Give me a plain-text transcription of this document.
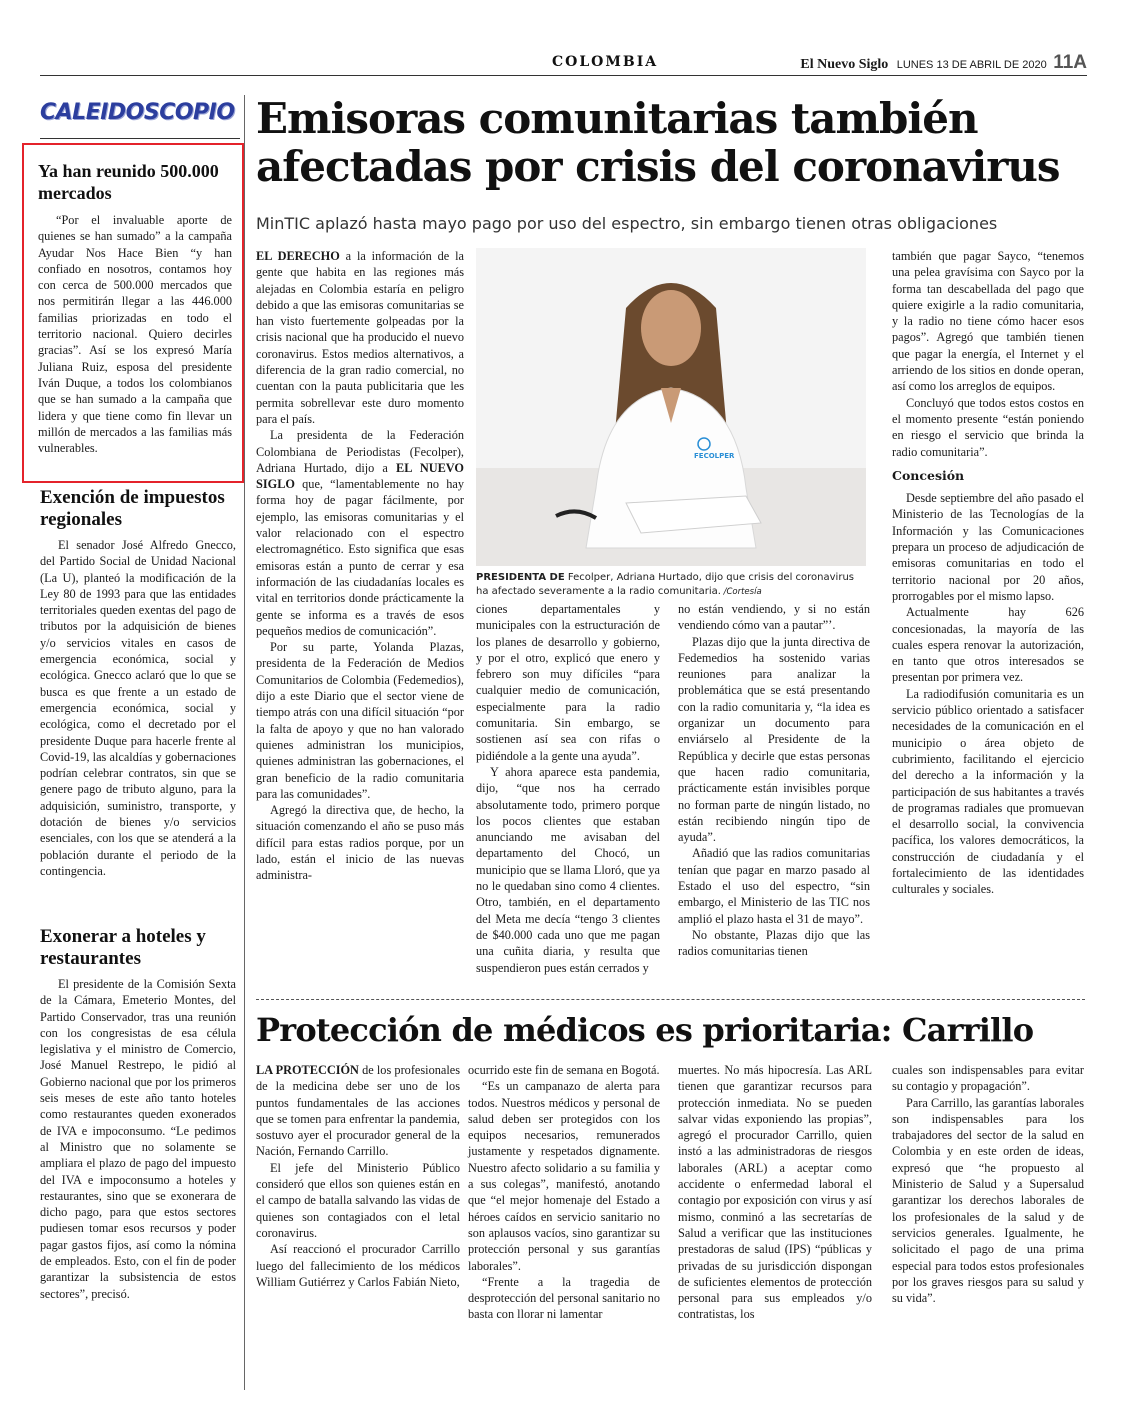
COLOMBIA	El Nuevo Siglo LUNES 13 DE ABRIL DE 2020 11A
CALEIDOSCOPIO
Ya han reunido 500.000 mercados

“Por el invaluable aporte de quienes se han sumado” a la campaña Ayudar Nos Hace Bien “y han confiado en nosotros, contamos hoy con cerca de 500.000 mercados que nos permitirán llegar a las 446.000 familias priorizadas en todo el territorio nacional. Quiero decirles gracias”. Así se los expresó María Juliana Ruiz, esposa del presidente Iván Duque, a todos los colombianos que se han sumado a la campaña que lidera y que tiene como fin llevar un millón de mercados a las familias más vulnerables.

Exención de impuestos regionales

El senador José Alfredo Gnecco, del Partido Social de Unidad Nacional (La U), planteó la modificación de la Ley 80 de 1993 para que las entidades territoriales queden exentas del pago de tributos por la adquisición de bienes y/o servicios vitales en casos de emergencia económica, social y ecológica. Gnecco aclaró que lo que se busca es que frente a un estado de emergencia económica, social y ecológica, como el decretado por el presidente Duque para hacerle frente al Covid-19, las alcaldías y gobernaciones podrían celebrar contratos, sin que se genere pago de tributo alguno, para la adquisición, suministro, transporte, y dotación de bienes y/o servicios esenciales, con los que se atenderá a la población durante el periodo de la contingencia.

Exonerar a hoteles y restaurantes

El presidente de la Comisión Sexta de la Cámara, Emeterio Montes, del Partido Conservador, tras una reunión con los congresistas de esa célula legislativa y el ministro de Comercio, José Manuel Restrepo, le pidió al Gobierno nacional que por los primeros seis meses de este año tanto hoteles como restaurantes queden exonerados de IVA e impoconsumo. “Le pedimos al Ministro que no solamente se ampliara el plazo de pago del impuesto del IVA e impoconsumo a hoteles y restaurantes, sino que se exonerara de dicho pago, para que estos sectores pudiesen tomar esos recursos y poder pagar gastos fijos, así como la nómina de empleados. Esto, con el fin de poder garantizar la subsistencia de estos sectores”, precisó.

Emisoras comunitarias también afectadas por crisis del coronavirus
MinTIC aplazó hasta mayo pago por uso del espectro, sin embargo tienen otras obligaciones

EL DERECHO a la información de la gente que habita en las regiones más alejadas en Colombia estaría en peligro debido a que las emisoras comunitarias se han visto fuertemente golpeadas por la crisis nacional que ha producido el nuevo coronavirus. Estos medios alternativos, a diferencia de la gran radio comercial, no cuentan con la pauta publicitaria que les permita sobrellevar este duro momento para el país.

La presidenta de la Federación Colombiana de Periodistas (Fecolper), Adriana Hurtado, dijo a EL NUEVO SIGLO que, “lamentablemente no hay forma hoy de pagar fácilmente, por ejemplo, las emisoras comunitarias y el valor relacionado con el espectro electromagnético. Esto significa que esas emisoras están a punto de cerrar y esa información de las ciudadanías locales es vital en territorios donde prácticamente la gente se informa es a través de esos pequeños medios de comunicación”.

Por su parte, Yolanda Plazas, presidenta de la Federación de Medios Comunitarios de Colombia (Fedemedios), dijo a este Diario que el sector viene de tiempo atrás con una difícil situación “por la falta de apoyo y que no han valorado quienes administran los municipios, quienes administran las gobernaciones, el gran beneficio de la radio comunitaria para las comunidades”.

Agregó la directiva que, de hecho, la situación comenzando el año se puso más difícil para estas radios porque, por un lado, están el inicio de las nuevas administra-

FECOLPER
PRESIDENTA DE Fecolper, Adriana Hurtado, dijo que crisis del coronavirus ha afectado severamente a la radio comunitaria. /Cortesía

ciones departamentales y municipales con la estructuración de los planes de desarrollo y gobierno, y por el otro, explicó que enero y febrero son muy difíciles “para cualquier medio de comunicación, especialmente para la radio comunitaria. Sin embargo, se sostienen así sea con rifas o pidiéndole a la gente una ayuda”.

Y ahora aparece esta pandemia, dijo, “que nos ha cerrado absolutamente todo, primero porque los pocos clientes que estaban anunciando me avisaban del departamento del Chocó, un municipio que se llama Lloró, que ya no le quedaban sino como 4 clientes. Otro, también, en el departamento del Meta me decía “tengo 3 clientes de $40.000 cada uno que me pagan una cuñita diaria, y resulta que suspendieron pues están cerrados y

no están vendiendo, y si no están vendiendo cómo van a pautar”’.

Plazas dijo que la junta directiva de Fedemedios ha sostenido varias reuniones para analizar la problemática que se está presentando con la radio comunitaria y, “la idea es organizar un documento para enviárselo al Presidente de la República y decirle que estas personas que hacen radio comunitaria, prácticamente están invisibles porque no forman parte de ningún listado, no están recibiendo ningún tipo de ayuda”.

Añadió que las radios comunitarias tenían que pagar en marzo pasado al Estado el uso del espectro, “sin embargo, el Ministerio de las TIC nos amplió el plazo hasta el 31 de mayo”.

No obstante, Plazas dijo que las radios comunitarias tienen

también que pagar Sayco, “tenemos una pelea gravísima con Sayco por la forma tan descabellada del pago que quiere exigirle a la radio comunitaria, y la radio no tiene cómo hacer esos pagos”. Agregó que también tienen que pagar la energía, el Internet y el arriendo de los sitios en donde operan, así como los arreglos de equipos.

Concluyó que todos estos costos en el momento presente “están poniendo en riesgo el servicio que brinda la radio comunitaria”.

Concesión

Desde septiembre del año pasado el Ministerio de las Tecnologías de la Información y las Comunicaciones prepara un proceso de adjudicación de emisoras comunitarias en todo el territorio nacional por 20 años, prorrogables por el mismo lapso.

Actualmente hay 626 concesionadas, la mayoría de las cuales espera renovar la autorización, en tanto que otros interesados se presentan por primera vez.

La radiodifusión comunitaria es un servicio público orientado a satisfacer necesidades de la comunicación en el municipio o área objeto de cubrimiento, facilitando el ejercicio del derecho a la información y la participación de sus habitantes a través de programas radiales que promuevan el desarrollo social, la convivencia pacífica, los valores democráticos, la construcción de ciudadanía y el fortalecimiento de las identidades culturales y sociales.

Protección de médicos es prioritaria: Carrillo

LA PROTECCIÓN de los profesionales de la medicina debe ser uno de los puntos fundamentales de las acciones que se tomen para enfrentar la pandemia, sostuvo ayer el procurador general de la Nación, Fernando Carrillo.

El jefe del Ministerio Público consideró que ellos son quienes están en el campo de batalla salvando las vidas de quienes son contagiados con el letal coronavirus.

Así reaccionó el procurador Carrillo luego del fallecimiento de los médicos William Gutiérrez y Carlos Fabián Nieto,

ocurrido este fin de semana en Bogotá.

“Es un campanazo de alerta para todos. Nuestros médicos y personal de salud deben ser protegidos con los equipos necesarios, remunerados justamente y respetados dignamente. Nuestro afecto solidario a su familia y a sus colegas”, manifestó, anotando que “el mejor homenaje del Estado a héroes caídos en servicio sanitario no son aplausos vacíos, sino garantizar su protección personal y sus garantías laborales”.

“Frente a la tragedia de desprotección del personal sanitario no basta con llorar ni lamentar

muertes. No más hipocresía. Las ARL tienen que garantizar recursos para protección inmediata. No se pueden salvar vidas exponiendo las propias”, agregó el procurador Carrillo, quien instó a las administradoras de riesgos laborales (ARL) a aceptar como accidente o enfermedad laboral el contagio por exposición con virus y así mismo, conminó a las secretarías de Salud a verificar que las instituciones prestadoras de salud (IPS) “públicas y privadas de su jurisdicción dispongan de suficientes elementos de protección personal para sus empleados y/o contratistas, los

cuales son indispensables para evitar su contagio y propagación”.

Para Carrillo, las garantías laborales son indispensables para los trabajadores del sector de la salud en Colombia y en este orden de ideas, expresó que “he propuesto al Ministerio de Salud y a Supersalud garantizar los derechos laborales de los profesionales de la salud y de servicios generales. Igualmente, he solicitado el pago de una prima especial para todos estos profesionales por los graves riesgos para su salud y su vida”.
